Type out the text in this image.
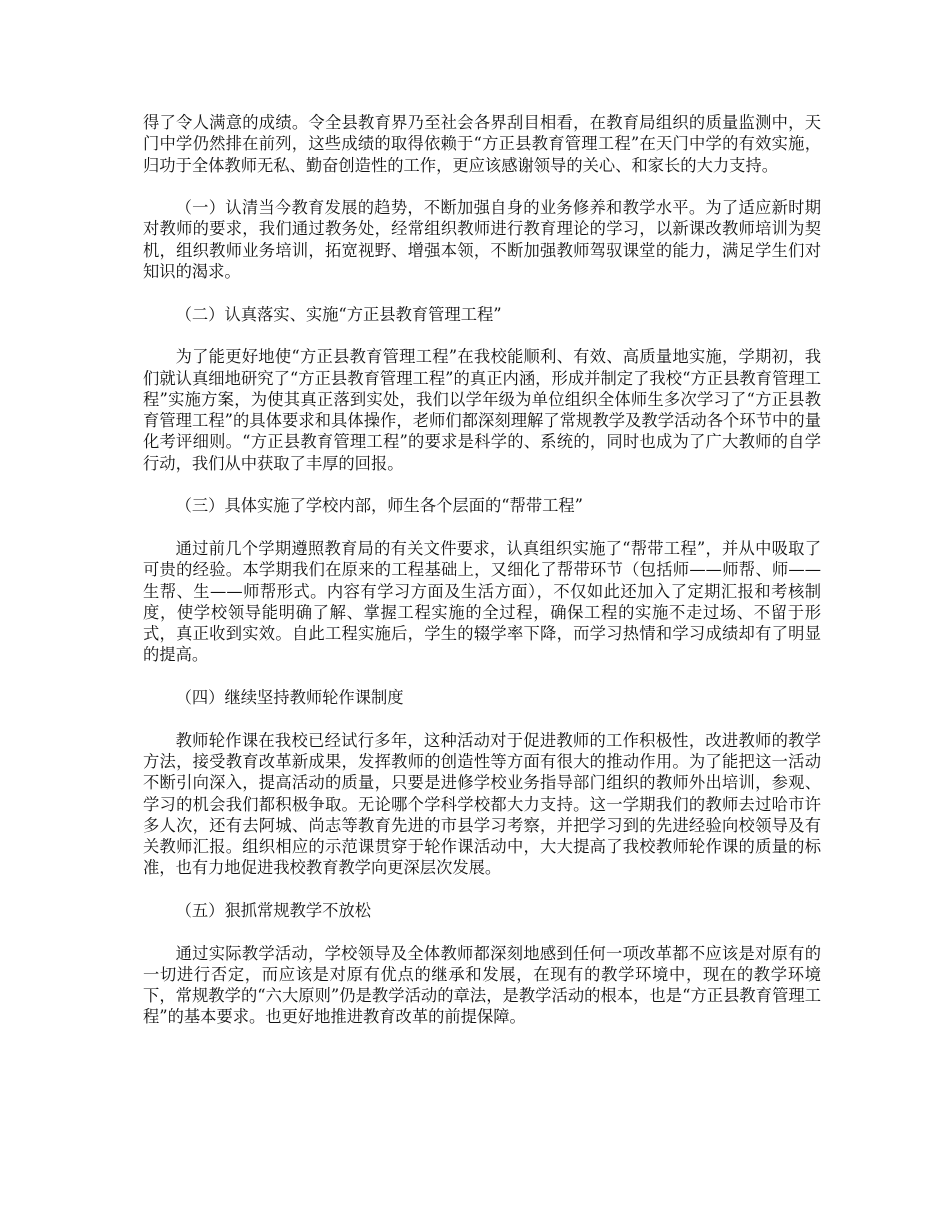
得了令人满意的成绩。令全县教育界乃至社会各界刮目相看，在教育局组织的质量监测中，天门中学仍然排在前列，这些成绩的取得依赖于“方正县教育管理工程”在天门中学的有效实施，归功于全体教师无私、勤奋创造性的工作，更应该感谢领导的关心、和家长的大力支持。

（一）认清当今教育发展的趋势，不断加强自身的业务修养和教学水平。为了适应新时期对教师的要求，我们通过教务处，经常组织教师进行教育理论的学习，以新课改教师培训为契机，组织教师业务培训，拓宽视野、增强本领，不断加强教师驾驭课堂的能力，满足学生们对知识的渴求。

（二）认真落实、实施“方正县教育管理工程”

为了能更好地使“方正县教育管理工程”在我校能顺利、有效、高质量地实施，学期初，我们就认真细地研究了“方正县教育管理工程”的真正内涵，形成并制定了我校“方正县教育管理工程”实施方案，为使其真正落到实处，我们以学年级为单位组织全体师生多次学习了“方正县教育管理工程”的具体要求和具体操作，老师们都深刻理解了常规教学及教学活动各个环节中的量化考评细则。“方正县教育管理工程”的要求是科学的、系统的，同时也成为了广大教师的自学行动，我们从中获取了丰厚的回报。

（三）具体实施了学校内部，师生各个层面的“帮带工程”

通过前几个学期遵照教育局的有关文件要求，认真组织实施了“帮带工程”，并从中吸取了可贵的经验。本学期我们在原来的工程基础上，又细化了帮带环节（包括师——师帮、师——生帮、生——师帮形式。内容有学习方面及生活方面），不仅如此还加入了定期汇报和考核制度，使学校领导能明确了解、掌握工程实施的全过程，确保工程的实施不走过场、不留于形式，真正收到实效。自此工程实施后，学生的辍学率下降，而学习热情和学习成绩却有了明显的提高。

（四）继续坚持教师轮作课制度

教师轮作课在我校已经试行多年，这种活动对于促进教师的工作积极性，改进教师的教学方法，接受教育改革新成果，发挥教师的创造性等方面有很大的推动作用。为了能把这一活动不断引向深入，提高活动的质量，只要是进修学校业务指导部门组织的教师外出培训，参观、学习的机会我们都积极争取。无论哪个学科学校都大力支持。这一学期我们的教师去过哈市许多人次，还有去阿城、尚志等教育先进的市县学习考察，并把学习到的先进经验向校领导及有关教师汇报。组织相应的示范课贯穿于轮作课活动中，大大提高了我校教师轮作课的质量的标准，也有力地促进我校教育教学向更深层次发展。

（五）狠抓常规教学不放松

通过实际教学活动，学校领导及全体教师都深刻地感到任何一项改革都不应该是对原有的一切进行否定，而应该是对原有优点的继承和发展，在现有的教学环境中，现在的教学环境下，常规教学的“六大原则”仍是教学活动的章法，是教学活动的根本，也是“方正县教育管理工程”的基本要求。也更好地推进教育改革的前提保障。
